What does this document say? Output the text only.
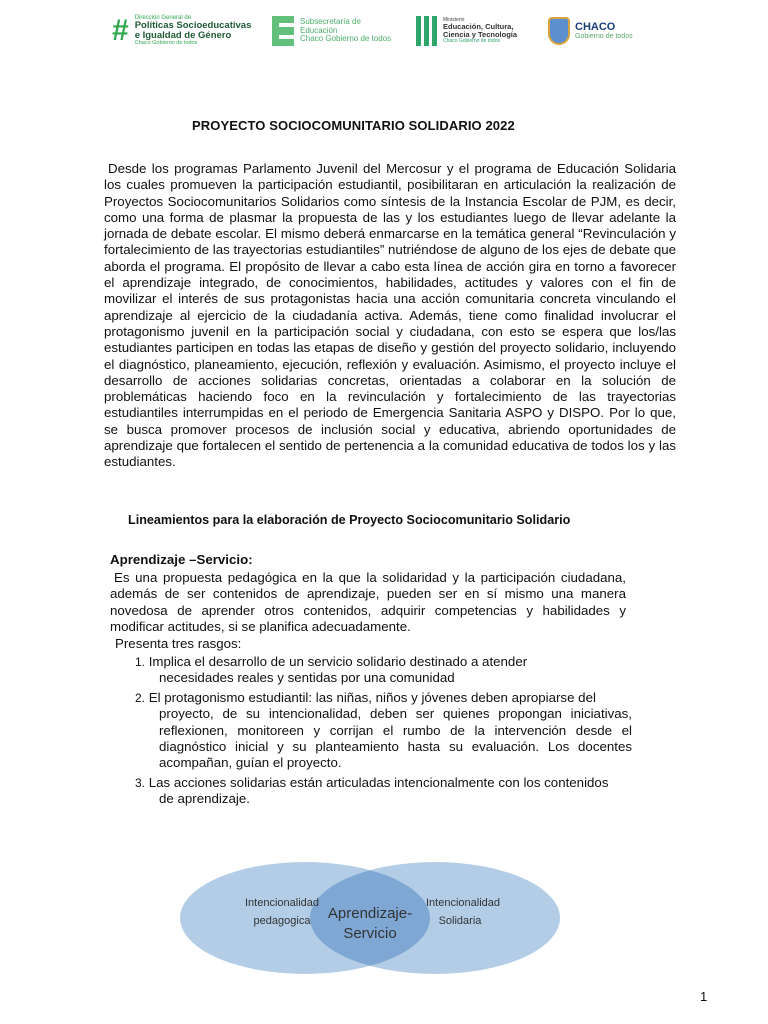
# Dirección General de
Políticas Socioeducativas
e Igualdad de Género
Chaco Gobierno de todos
Subsecretaría de
Educación
Chaco Gobierno de todos
Ministerio
Educación, Cultura,
Ciencia y Tecnología
Chaco Gobierno de todos
CHACO
Gobierno de todos
PROYECTO SOCIOCOMUNITARIO SOLIDARIO 2022

Desde los programas Parlamento Juvenil del Mercosur y el programa de Educación Solidaria los cuales promueven la participación estudiantil, posibilitaran en articulación la realización de Proyectos Sociocomunitarios Solidarios como síntesis de la Instancia Escolar de PJM, es decir, como una forma de plasmar la propuesta de las y los estudiantes luego de llevar adelante la jornada de debate escolar. El mismo deberá enmarcarse en la temática general “Revinculación y fortalecimiento de las trayectorias estudiantiles” nutriéndose de alguno de los ejes de debate que aborda el programa. El propósito de llevar a cabo esta línea de acción gira en torno a favorecer el aprendizaje integrado, de conocimientos, habilidades, actitudes y valores con el fin de movilizar el interés de sus protagonistas hacia una acción comunitaria concreta vinculando el aprendizaje al ejercicio de la ciudadanía activa. Además, tiene como finalidad involucrar el protagonismo juvenil en la participación social y ciudadana, con esto se espera que los/las estudiantes participen en todas las etapas de diseño y gestión del proyecto solidario, incluyendo el diagnóstico, planeamiento, ejecución, reflexión y evaluación. Asimismo, el proyecto incluye el desarrollo de acciones solidarias concretas, orientadas a colaborar en la solución de problemáticas haciendo foco en la revinculación y fortalecimiento de las trayectorias estudiantiles interrumpidas en el periodo de Emergencia Sanitaria ASPO y DISPO. Por lo que, se busca promover procesos de inclusión social y educativa, abriendo oportunidades de aprendizaje que fortalecen el sentido de pertenencia a la comunidad educativa de todos los y las estudiantes.

Lineamientos para la elaboración de Proyecto Sociocomunitario Solidario

Aprendizaje –Servicio:

Es una propuesta pedagógica en la que la solidaridad y la participación ciudadana, además de ser contenidos de aprendizaje, pueden ser en sí mismo una manera novedosa de aprender otros contenidos, adquirir competencias y habilidades y modificar actitudes, si se planifica adecuadamente.

Presenta tres rasgos:

1. Implica el desarrollo de un servicio solidario destinado a atender
necesidades reales y sentidas por una comunidad
2. El protagonismo estudiantil: las niñas, niños y jóvenes deben apropiarse del
proyecto, de su intencionalidad, deben ser quienes propongan iniciativas, reflexionen, monitoreen y corrijan el rumbo de la intervención desde el diagnóstico inicial y su planteamiento hasta su evaluación. Los docentes acompañan, guían el proyecto.
3. Las acciones solidarias están articuladas intencionalmente con los contenidos
de aprendizaje.
Intencionalidad
pedagogica Aprendizaje-
Servicio
Intencionalidad
Solidaria
1
